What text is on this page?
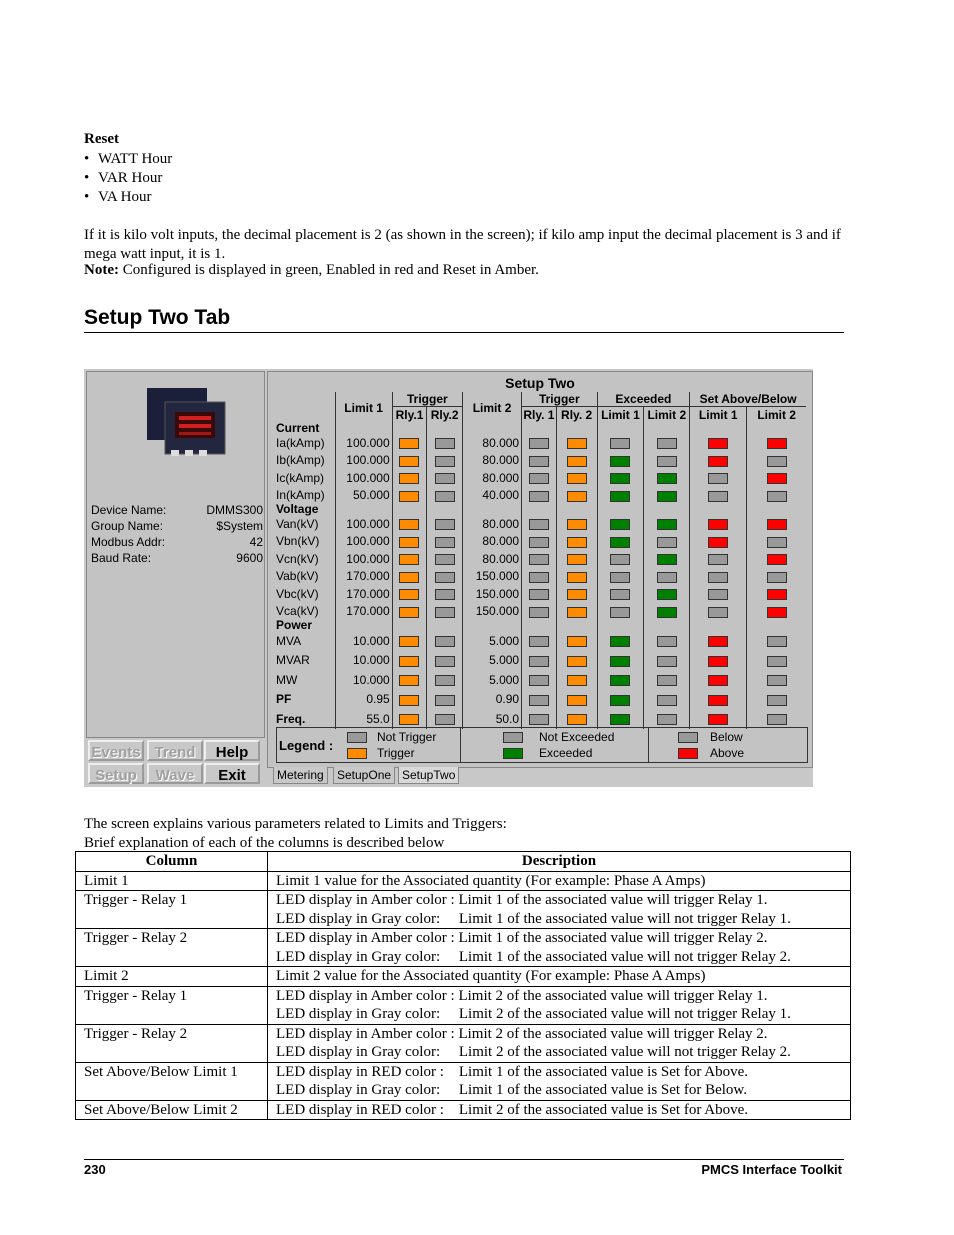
Reset
• WATT Hour
• VAR Hour
• VA Hour
If it is kilo volt inputs, the decimal placement is 2 (as shown in the screen); if kilo amp input the decimal placement is 3 and if mega watt input, it is 1.
Note: Configured is displayed in green, Enabled in red and Reset in Amber.
Setup Two Tab
Device Name:	DMMS300
Group Name:	$System
Modbus Addr:	42
Baud Rate:	9600
Events Trend	Help
Setup	Wave	Exit
Setup Two
	Limit 1	Trigger		Limit 2	Trigger		Exceeded		Set Above/Below	
		Rly.1	Rly.2		Rly. 1	Rly. 2	Limit 1	Limit 2	Limit 1	Limit 2
Current										
Ia(kAmp)	100.000			80.000						
Ib(kAmp)	100.000			80.000						
Ic(kAmp)	100.000			80.000						
In(kAmp)	50.000			40.000						
Voltage										
Van(kV)	100.000			80.000						
Vbn(kV)	100.000			80.000						
Vcn(kV)	100.000			80.000						
Vab(kV)	170.000			150.000						
Vbc(kV)	170.000			150.000						
Vca(kV)	170.000			150.000						
Power										
MVA	10.000			5.000						
MVAR	10.000			5.000						
MW	10.000			5.000						
PF	0.95			0.90						
Freq.	55.0			50.0						
Legend :
Not Trigger
Trigger
Not Exceeded
Exceeded
Below
Above
Metering	SetupOne SetupTwo
The screen explains various parameters related to Limits and Triggers:
Brief explanation of each of the columns is described below
Column	Description
Limit 1	Limit 1 value for the Associated quantity (For example: Phase A Amps)

Trigger - Relay 1	LED display in Amber color : Limit 1 of the associated value will trigger Relay 1.
LED display in Gray color:     Limit 1 of the associated value will not trigger Relay 1.

Trigger - Relay 2	LED display in Amber color : Limit 1 of the associated value will trigger Relay 2.
LED display in Gray color:     Limit 1 of the associated value will not trigger Relay 2.

Limit 2	Limit 2 value for the Associated quantity (For example: Phase A Amps)

Trigger - Relay 1	LED display in Amber color : Limit 2 of the associated value will trigger Relay 1.
LED display in Gray color:     Limit 2 of the associated value will not trigger Relay 1.

Trigger - Relay 2	LED display in Amber color : Limit 2 of the associated value will trigger Relay 2.
LED display in Gray color:     Limit 2 of the associated value will not trigger Relay 2.

Set Above/Below Limit 1	LED display in RED color :    Limit 1 of the associated value is Set for Above.
LED display in Gray color:     Limit 1 of the associated value is Set for Below.

Set Above/Below Limit 2	LED display in RED color :    Limit 2 of the associated value is Set for Above.
230	PMCS Interface Toolkit
